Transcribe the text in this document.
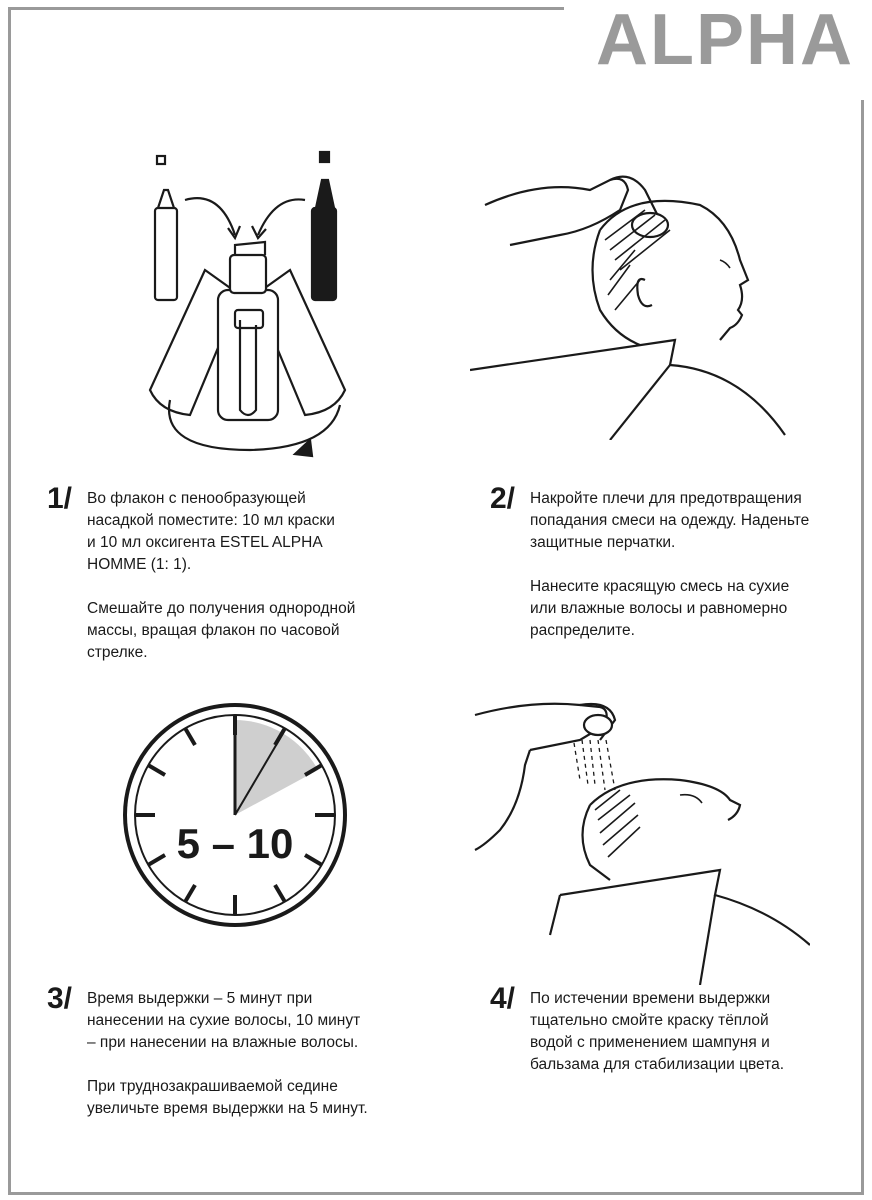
ALPHA
5 – 10
1/ Во флакон с пенообразующей насадкой поместите: 10 мл краски и 10 мл оксигента ESTEL ALPHA HOMME (1: 1).

Смешайте до получения однородной массы, вращая флакон по часовой стрелке.

2/ Накройте плечи для предотвращения попадания смеси на одежду. Наденьте защитные перчатки.

Нанесите красящую смесь на сухие или влажные волосы и равномерно распределите.

3/ Время выдержки – 5 минут при нанесении на сухие волосы, 10 минут – при нанесении на влажные волосы.

При труднозакрашиваемой седине увеличьте время выдержки на 5 минут.

4/ По истечении времени выдержки тщательно смойте краску тёплой водой с применением шампуня и бальзама для стабилизации цвета.
